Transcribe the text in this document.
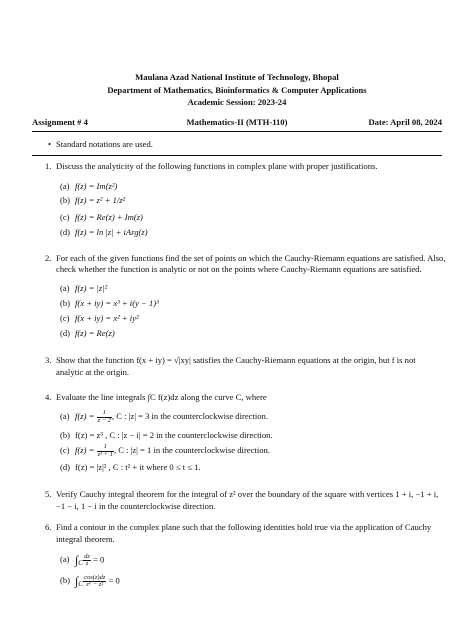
Maulana Azad National Institute of Technology, Bhopal
Department of Mathematics, Bioinformatics & Computer Applications
Academic Session: 2023-24
Assignment # 4	Mathematics-II (MTH-110)	Date: April 08, 2024
• Standard notations are used.
1. Discuss the analyticity of the following functions in complex plane with proper justifications.
(a) f(z) = Im(z²)
(b) f(z) = z² + 1/z²
(c) f(z) = Re(z) + Im(z)
(d) f(z) = ln |z| + iArg(z)
2. For each of the given functions find the set of points on which the Cauchy-Riemann equations are satisfied. Also, check whether the function is analytic or not on the points where Cauchy-Riemann equations are satisfied.
(a) f(z) = |z|²
(b) f(x + iy) = x³ + i(y − 1)³
(c) f(x + iy) = x² + iy²
(d) f(z) = Re(z)
3. Show that the function f(x + iy) = √|xy| satisfies the Cauchy-Riemann equations at the origin, but f is not
analytic at the origin.
4. Evaluate the line integrals ∫C f(z)dz along the curve C, where
(a) $f(z) = \frac{1}{z - 2}$ , C : |z| = 3 in the counterclockwise direction.
(b) f(z) = z³ , C : |z − i| = 2 in the counterclockwise direction.
(c) $f(z) = \frac{1}{\text{z² + 1}}$ , C : |z| = 1 in the counterclockwise direction.
(d) f(z) = |z|² , C : t² + it where 0 ≤ t ≤ 1.
5. Verify Cauchy integral theorem for the integral of z² over the boundary of the square with vertices 1 + i, −1 + i,
−1 − i, 1 − i in the counterclockwise direction.
6. Find a contour in the complex plane such that the following identities hold true via the application of Cauchy
integral theorem.
(a) $\int_C \frac{dz}{z} = 0$
(b) $\int_C \frac{\cos(z)dz}{\text{z⁶ − z²}} = 0$
